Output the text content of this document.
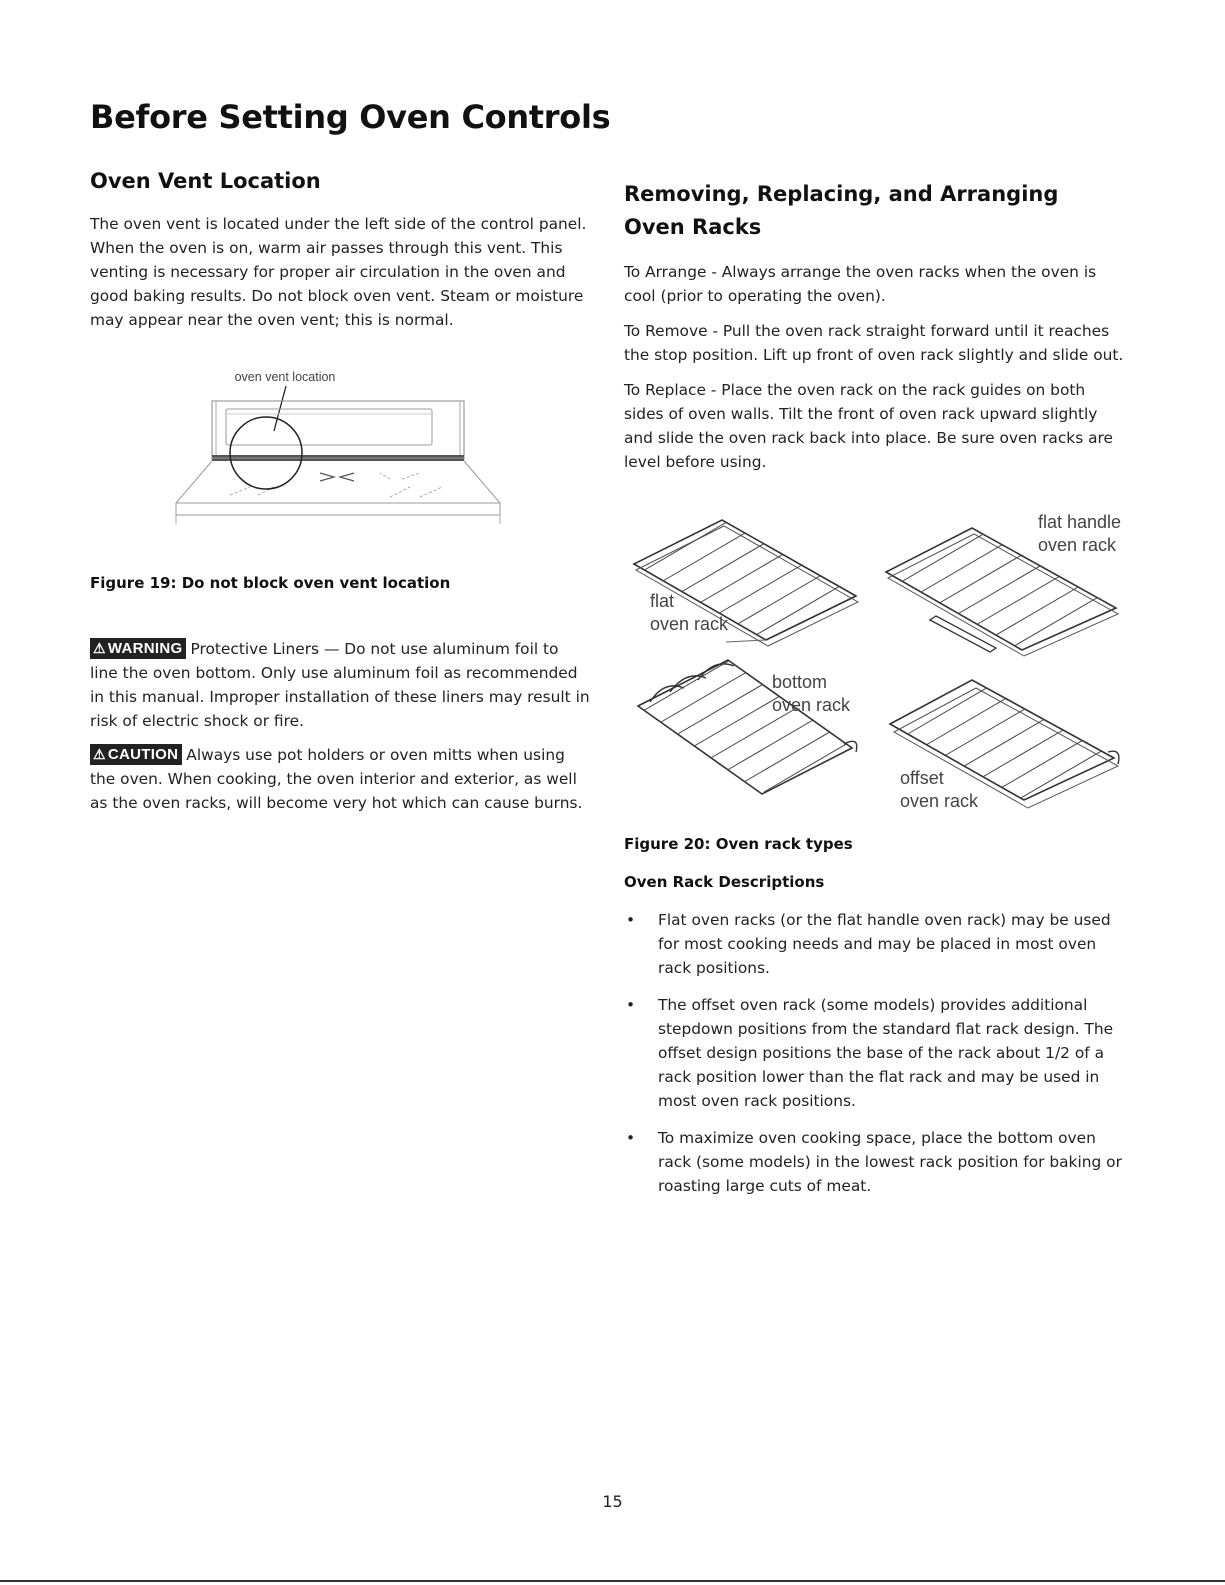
Before Setting Oven Controls
Oven Vent Location

The oven vent is located under the left side of the control panel. When the oven is on, warm air passes through this vent. This venting is necessary for proper air circulation in the oven and good baking results. Do not block oven vent. Steam or moisture may appear near the oven vent; this is normal.

oven vent location

Figure 19: Do not block oven vent location

⚠ WARNING Protective Liners — Do not use aluminum foil to line the oven bottom. Only use aluminum foil as recommended in this manual. Improper installation of these liners may result in risk of electric shock or fire.

⚠ CAUTION Always use pot holders or oven mitts when using the oven. When cooking, the oven interior and exterior, as well as the oven racks, will become very hot which can cause burns.

Removing, Replacing, and Arranging Oven Racks

To Arrange - Always arrange the oven racks when the oven is cool (prior to operating the oven).

To Remove - Pull the oven rack straight forward until it reaches the stop position. Lift up front of oven rack slightly and slide out.

To Replace - Place the oven rack on the rack guides on both sides of oven walls. Tilt the front of oven rack upward slightly and slide the oven rack back into place. Be sure oven racks are level before using.

flat
oven rack
flat handle
oven rack
bottom
oven rack
offset
oven rack

Figure 20: Oven rack types

Oven Rack Descriptions

• Flat oven racks (or the flat handle oven rack) may be used for most cooking needs and may be placed in most oven rack positions.
• The offset oven rack (some models) provides additional stepdown positions from the standard flat rack design. The offset design positions the base of the rack about 1/2 of a rack position lower than the flat rack and may be used in most oven rack positions.
• To maximize oven cooking space, place the bottom oven rack (some models) in the lowest rack position for baking or roasting large cuts of meat.
15
